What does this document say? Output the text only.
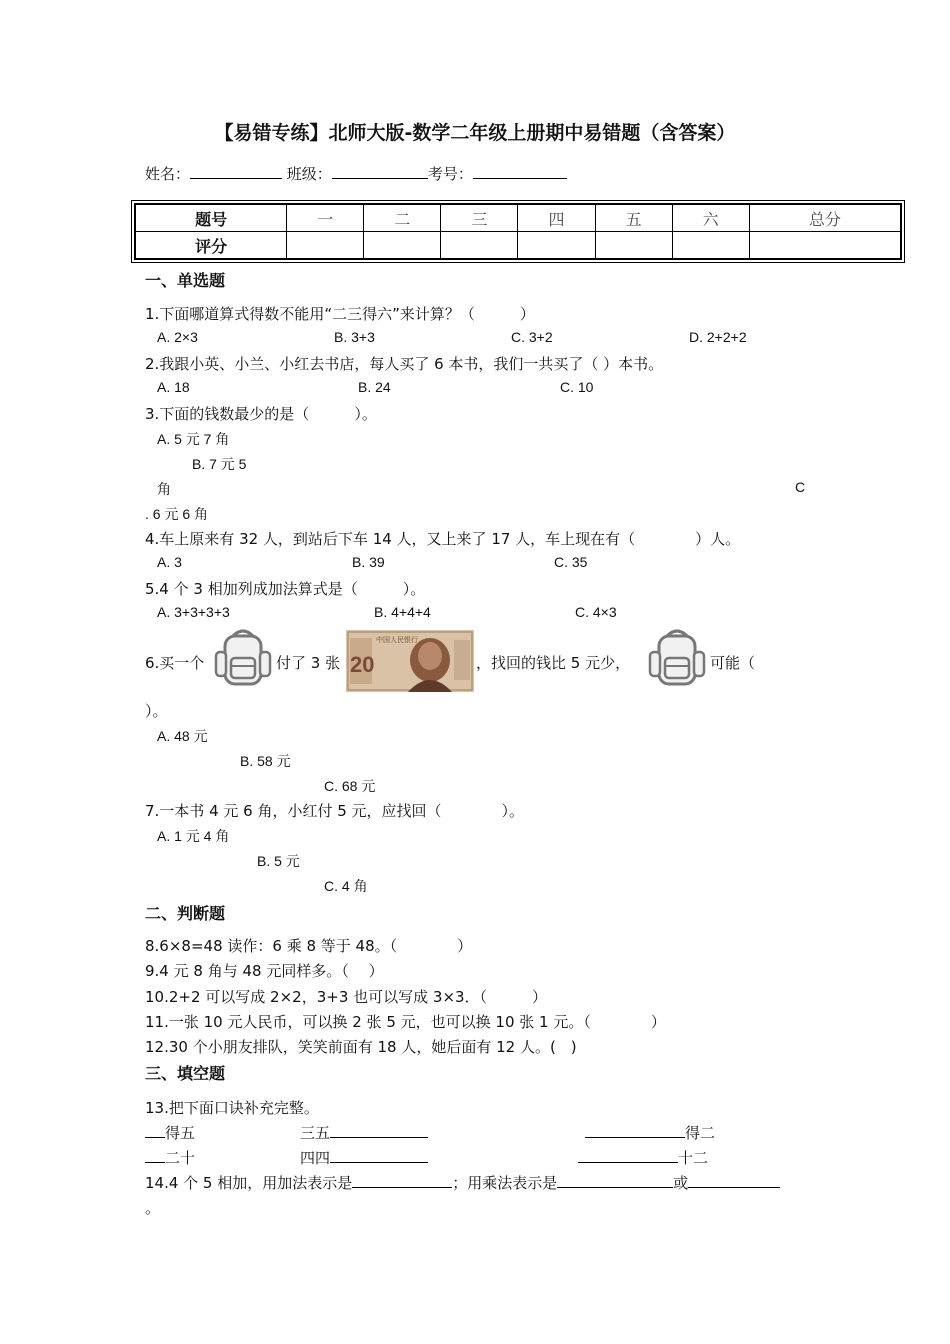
【易错专练】北师大版-数学二年级上册期中易错题（含答案）
姓名：	班级：	考号：
题号	一	二	三	四	五	六	总分
评分							
一、单选题
1.下面哪道算式得数不能用“二三得六”来计算？（　　　）
A. 2×3	B. 3+3	C. 3+2	D. 2+2+2
2.我跟小英、小兰、小红去书店，每人买了 6 本书，我们一共买了（ ）本书。
A. 18	B. 24	C. 10
3.下面的钱数最少的是（　　　）。
A. 5 元 7 角
B. 7 元 5
角	C
. 6 元 6 角
4.车上原来有 32 人，到站后下车 14 人，又上来了 17 人，车上现在有（　　　　）人。
A. 3	B. 39	C. 35
5.4 个 3 相加列成加法算式是（　　　）。
A. 3+3+3+3	B. 4+4+4	C. 4×3
6.买一个	付了 3 张 20
中国人民银行
，找回的钱比 5 元少，	可能（
）。
A. 48 元
B. 58 元
C. 68 元
7.一本书 4 元 6 角，小红付 5 元，应找回（　　　　）。
A. 1 元 4 角
B. 5 元
C. 4 角
二、判断题
8.6×8=48 读作：6 乘 8 等于 48。（　　　　）
9.4 元 8 角与 48 元同样多。（　 ）
10.2+2 可以写成 2×2，3+3 也可以写成 3×3．（　　　）
11.一张 10 元人民币，可以换 2 张 5 元，也可以换 10 张 1 元。（　　　　）
12.30 个小朋友排队，笑笑前面有 18 人，她后面有 12 人。(　)
三、填空题
13.把下面口诀补充完整。
得五	三五	得二
二十	四四	十二
14.4 个 5 相加，用加法表示是	；用乘法表示是	或
。
